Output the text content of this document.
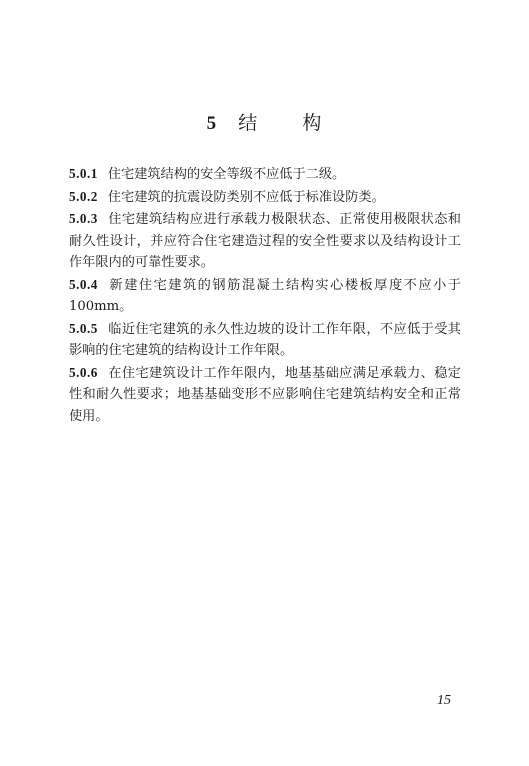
5 结 构

5.0.1 住宅建筑结构的安全等级不应低于二级。

5.0.2 住宅建筑的抗震设防类别不应低于标准设防类。

5.0.3 住宅建筑结构应进行承载力极限状态、正常使用极限状态和耐久性设计，并应符合住宅建造过程的安全性要求以及结构设计工作年限内的可靠性要求。

5.0.4 新建住宅建筑的钢筋混凝土结构实心楼板厚度不应小于100mm。

5.0.5 临近住宅建筑的永久性边坡的设计工作年限，不应低于受其影响的住宅建筑的结构设计工作年限。

5.0.6 在住宅建筑设计工作年限内，地基基础应满足承载力、稳定性和耐久性要求；地基基础变形不应影响住宅建筑结构安全和正常使用。

15
